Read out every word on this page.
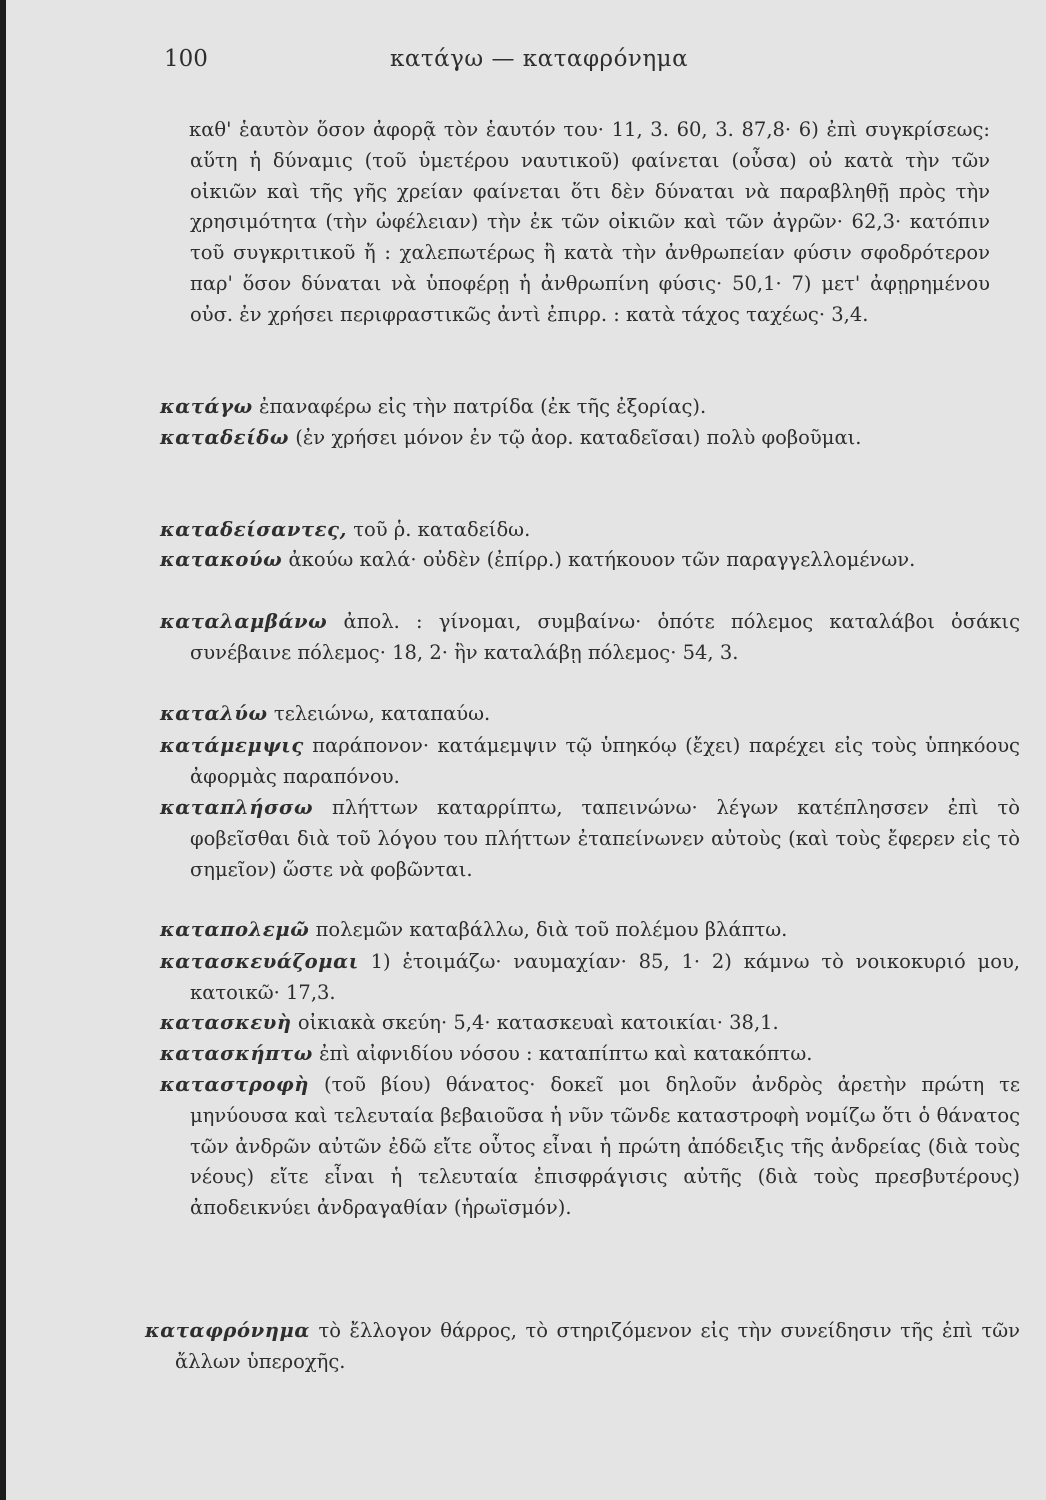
100	κατάγω — καταφρόνημα
καθ' ἑαυτὸν ὅσον ἀφορᾷ τὸν ἑαυτόν του· 11, 3. 60, 3. 87,8· 6) ἐπὶ συγκρίσεως: αὕτη ἡ δύναμις (τοῦ ὑμετέρου ναυτικοῦ) φαίνεται (οὖσα) οὐ κατὰ τὴν τῶν οἰκιῶν καὶ τῆς γῆς χρείαν φαίνεται ὅτι δὲν δύναται νὰ παραβληθῇ πρὸς τὴν χρησιμότητα (τὴν ὠφέλειαν) τὴν ἐκ τῶν οἰκιῶν καὶ τῶν ἀγρῶν· 62,3· κατόπιν τοῦ συγκριτικοῦ ἤ : χαλεπωτέρως ἢ κατὰ τὴν ἀνθρωπείαν φύσιν σφοδρότερον παρ' ὅσον δύναται νὰ ὑποφέρῃ ἡ ἀνθρωπίνη φύσις· 50,1· 7) μετ' ἀφῃρημένου οὐσ. ἐν χρήσει περιφραστικῶς ἀντὶ ἐπιρρ. : κατὰ τάχος ταχέως· 3,4.
κατάγω ἐπαναφέρω εἰς τὴν πατρίδα (ἐκ τῆς ἐξορίας).
καταδείδω (ἐν χρήσει μόνον ἐν τῷ ἀορ. καταδεῖσαι) πολὺ φοβοῦμαι.
καταδείσαντες, τοῦ ῥ. καταδείδω.
κατακούω ἀκούω καλά· οὐδὲν (ἐπίρρ.) κατήκουον τῶν παραγγελλομένων.
καταλαμβάνω ἀπολ. : γίνομαι, συμβαίνω· ὁπότε πόλεμος καταλάβοι ὁσάκις συνέβαινε πόλεμος· 18, 2· ἣν καταλάβῃ πόλεμος· 54, 3.
καταλύω τελειώνω, καταπαύω.
κατάμεμψις παράπονον· κατάμεμψιν τῷ ὑπηκόῳ (ἔχει) παρέχει εἰς τοὺς ὑπηκόους ἀφορμὰς παραπόνου.
καταπλήσσω πλήττων καταρρίπτω, ταπεινώνω· λέγων κατέπλησσεν ἐπὶ τὸ φοβεῖσθαι διὰ τοῦ λόγου του πλήττων ἐταπείνωνεν αὐτοὺς (καὶ τοὺς ἔφερεν εἰς τὸ σημεῖον) ὥστε νὰ φοβῶνται.
καταπολεμῶ πολεμῶν καταβάλλω, διὰ τοῦ πολέμου βλάπτω.
κατασκευάζομαι 1) ἑτοιμάζω· ναυμαχίαν· 85, 1· 2) κάμνω τὸ νοικοκυριό μου, κατοικῶ· 17,3.
κατασκευὴ οἰκιακὰ σκεύη· 5,4· κατασκευαὶ κατοικίαι· 38,1.
κατασκήπτω ἐπὶ αἰφνιδίου νόσου : καταπίπτω καὶ κατακόπτω.
καταστροφὴ (τοῦ βίου) θάνατος· δοκεῖ μοι δηλοῦν ἀνδρὸς ἀρετὴν πρώτη τε μηνύουσα καὶ τελευταία βεβαιοῦσα ἡ νῦν τῶνδε καταστροφὴ νομίζω ὅτι ὁ θάνατος τῶν ἀνδρῶν αὐτῶν ἐδῶ εἴτε οὗτος εἶναι ἡ πρώτη ἀπόδειξις τῆς ἀνδρείας (διὰ τοὺς νέους) εἴτε εἶναι ἡ τελευταία ἐπισφράγισις αὐτῆς (διὰ τοὺς πρεσβυτέρους) ἀποδεικνύει ἀνδραγαθίαν (ἡρωϊσμόν).
καταφρόνημα τὸ ἔλλογον θάρρος, τὸ στηριζόμενον εἰς τὴν συνείδησιν τῆς ἐπὶ τῶν ἄλλων ὑπεροχῆς.
